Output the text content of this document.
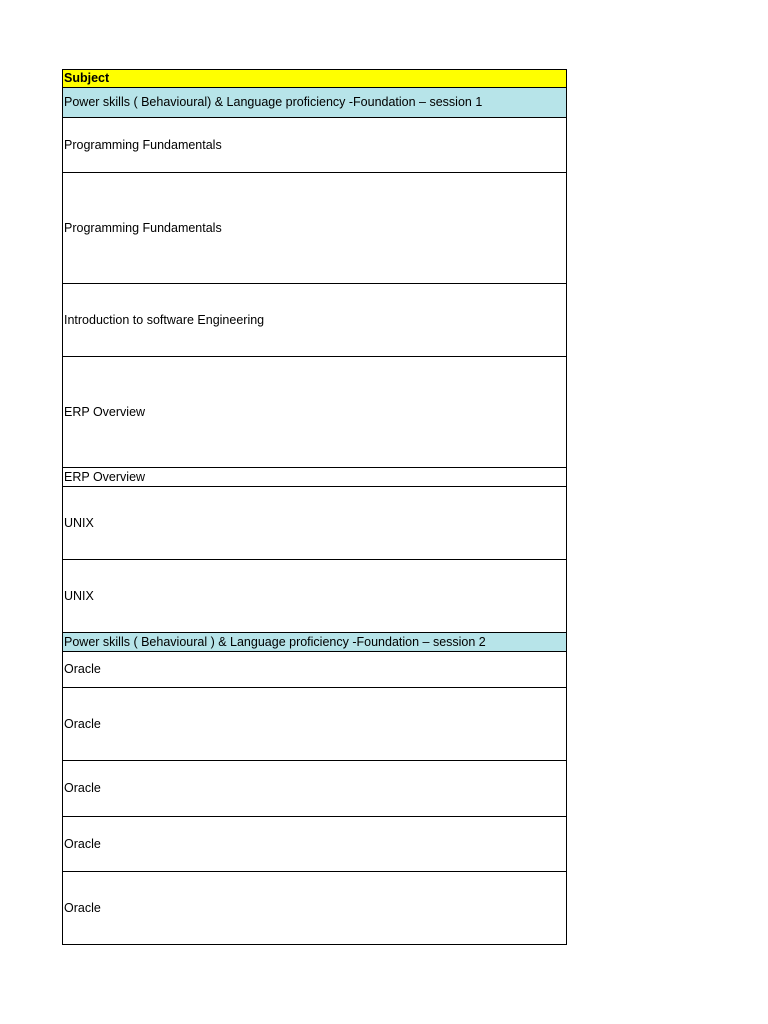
Subject
Power skills ( Behavioural) & Language proficiency -Foundation – session 1
Programming Fundamentals
Programming Fundamentals
Introduction to software Engineering
ERP Overview
ERP Overview
UNIX
UNIX
Power skills ( Behavioural ) & Language proficiency -Foundation – session 2
Oracle
Oracle
Oracle
Oracle
Oracle
